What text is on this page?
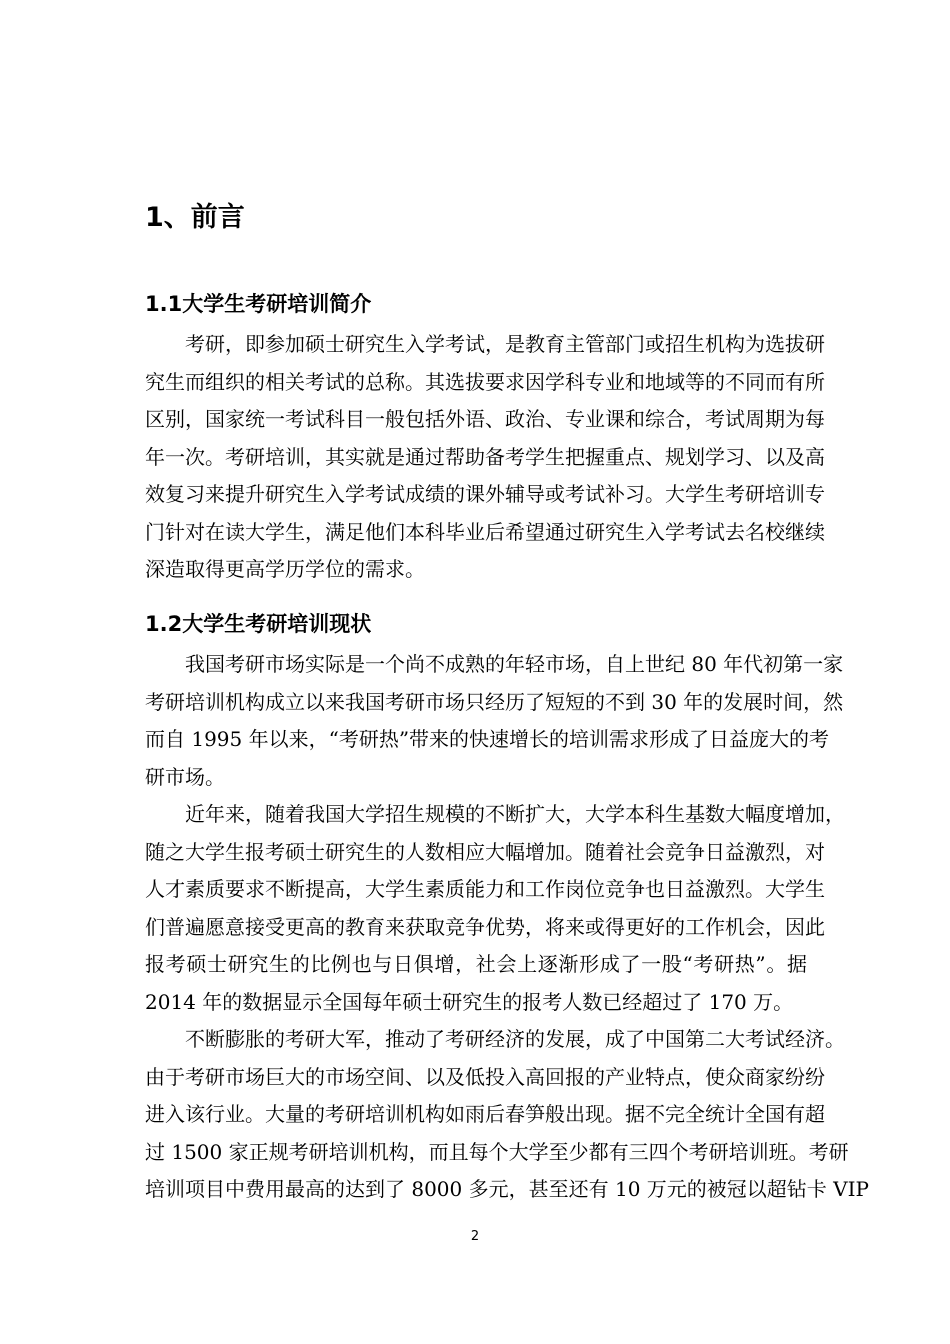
1、前言
1.1大学生考研培训简介
考研，即参加硕士研究生入学考试，是教育主管部门或招生机构为选拔研
究生而组织的相关考试的总称。其选拔要求因学科专业和地域等的不同而有所
区别，国家统一考试科目一般包括外语、政治、专业课和综合，考试周期为每
年一次。考研培训，其实就是通过帮助备考学生把握重点、规划学习、以及高
效复习来提升研究生入学考试成绩的课外辅导或考试补习。大学生考研培训专
门针对在读大学生，满足他们本科毕业后希望通过研究生入学考试去名校继续
深造取得更高学历学位的需求。
1.2大学生考研培训现状
我国考研市场实际是一个尚不成熟的年轻市场，自上世纪 80 年代初第一家
考研培训机构成立以来我国考研市场只经历了短短的不到 30 年的发展时间，然
而自 1995 年以来，“考研热”带来的快速增长的培训需求形成了日益庞大的考
研市场。
近年来，随着我国大学招生规模的不断扩大，大学本科生基数大幅度增加，
随之大学生报考硕士研究生的人数相应大幅增加。随着社会竞争日益激烈，对
人才素质要求不断提高，大学生素质能力和工作岗位竞争也日益激烈。大学生
们普遍愿意接受更高的教育来获取竞争优势，将来或得更好的工作机会，因此
报考硕士研究生的比例也与日俱增，社会上逐渐形成了一股“考研热”。据
2014 年的数据显示全国每年硕士研究生的报考人数已经超过了 170 万。
不断膨胀的考研大军，推动了考研经济的发展，成了中国第二大考试经济。
由于考研市场巨大的市场空间、以及低投入高回报的产业特点，使众商家纷纷
进入该行业。大量的考研培训机构如雨后春笋般出现。据不完全统计全国有超
过 1500 家正规考研培训机构，而且每个大学至少都有三四个考研培训班。考研
培训项目中费用最高的达到了 8000 多元，甚至还有 10 万元的被冠以超钻卡 VIP
2
